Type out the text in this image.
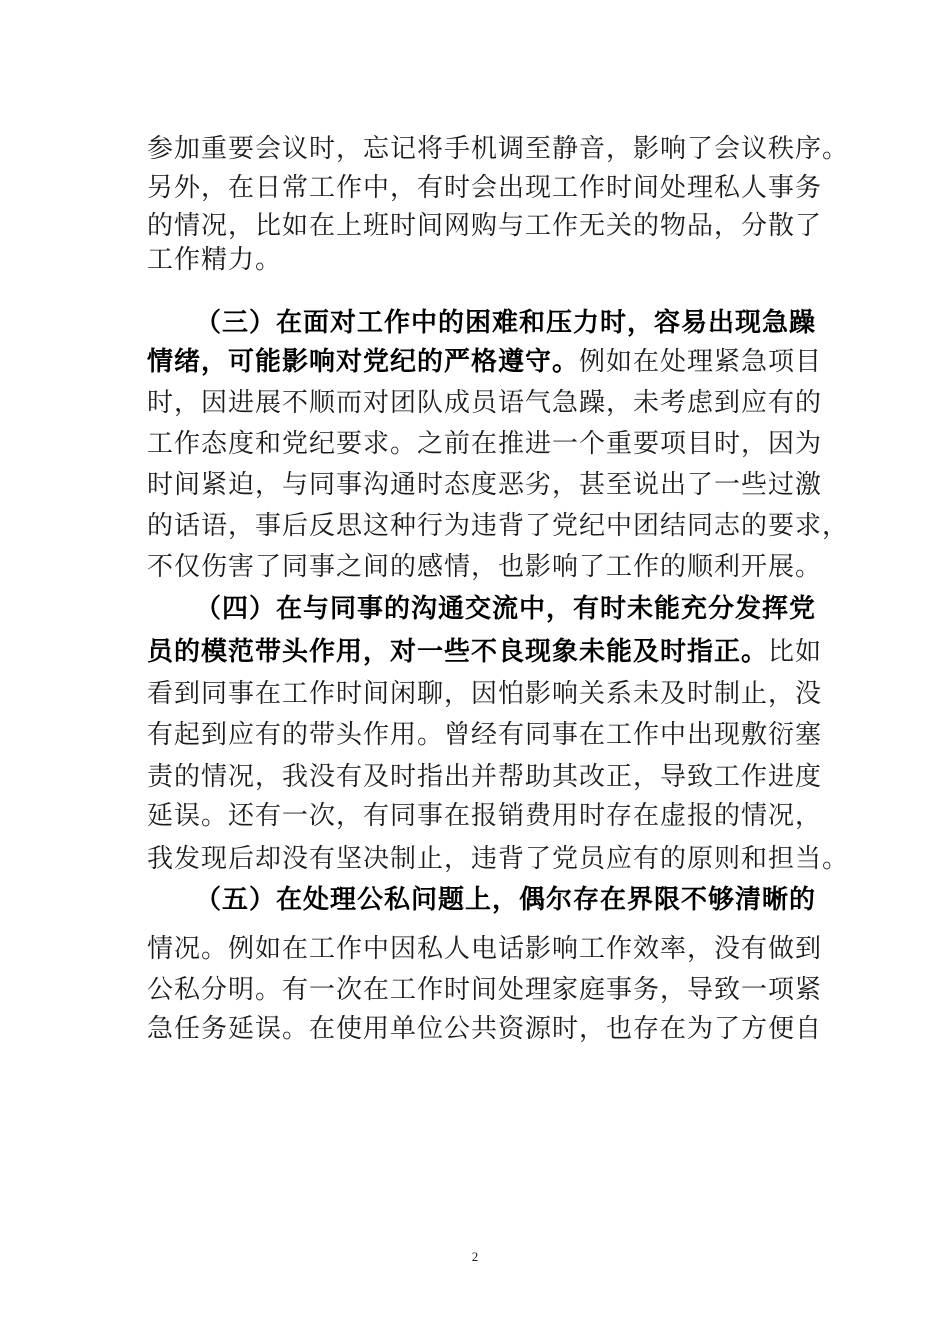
参加重要会议时，忘记将手机调至静音，影响了会议秩序。
另外，在日常工作中，有时会出现工作时间处理私人事务
的情况，比如在上班时间网购与工作无关的物品，分散了
工作精力。
（三）在面对工作中的困难和压力时，容易出现急躁
情绪，可能影响对党纪的严格遵守。例如在处理紧急项目
时，因进展不顺而对团队成员语气急躁，未考虑到应有的
工作态度和党纪要求。之前在推进一个重要项目时，因为
时间紧迫，与同事沟通时态度恶劣，甚至说出了一些过激
的话语，事后反思这种行为违背了党纪中团结同志的要求，
不仅伤害了同事之间的感情，也影响了工作的顺利开展。
（四）在与同事的沟通交流中，有时未能充分发挥党
员的模范带头作用，对一些不良现象未能及时指正。比如
看到同事在工作时间闲聊，因怕影响关系未及时制止，没
有起到应有的带头作用。曾经有同事在工作中出现敷衍塞
责的情况，我没有及时指出并帮助其改正，导致工作进度
延误。还有一次，有同事在报销费用时存在虚报的情况，
我发现后却没有坚决制止，违背了党员应有的原则和担当。
（五）在处理公私问题上，偶尔存在界限不够清晰的
情况。例如在工作中因私人电话影响工作效率，没有做到
公私分明。有一次在工作时间处理家庭事务，导致一项紧
急任务延误。在使用单位公共资源时，也存在为了方便自
2
